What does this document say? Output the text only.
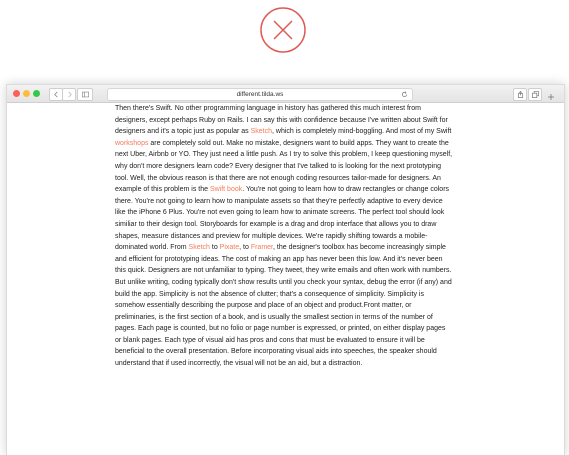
different.tilda.ws

Then there's Swift. No other programming language in history has gathered this much interest from designers, except perhaps Ruby on Rails. I can say this with confidence because I've written about Swift for designers and it's a topic just as popular as Sketch, which is completely mind-boggling. And most of my Swift workshops are completely sold out. Make no mistake, designers want to build apps. They want to create the next Uber, Airbnb or YO. They just need a little push. As I try to solve this problem, I keep questioning myself, why don't more designers learn code? Every designer that I've talked to is looking for the next prototyping tool. Well, the obvious reason is that there are not enough coding resources tailor-made for designers. An example of this problem is the Swift book. You're not going to learn how to draw rectangles or change colors there. You're not going to learn how to manipulate assets so that they're perfectly adaptive to every device like the iPhone 6 Plus. You're not even going to learn how to animate screens. The perfect tool should look similiar to their design tool. Storyboards for example is a drag and drop interface that allows you to draw shapes, measure distances and preview for multiple devices. We're rapidly shifting towards a mobile-dominated world. From Sketch to Pixate, to Framer, the designer's toolbox has become increasingly simple and efficient for prototyping ideas. The cost of making an app has never been this low. And it's never been this quick. Designers are not unfamiliar to typing. They tweet, they write emails and often work with numbers. But unlike writing, coding typically don't show results until you check your syntax, debug the error (if any) and build the app. Simplicity is not the absence of clutter; that's a consequence of simplicity. Simplicity is somehow essentially describing the purpose and place of an object and product.Front matter, or preliminaries, is the first section of a book, and is usually the smallest section in terms of the number of pages. Each page is counted, but no folio or page number is expressed, or printed, on either display pages or blank pages. Each type of visual aid has pros and cons that must be evaluated to ensure it will be beneficial to the overall presentation. Before incorporating visual aids into speeches, the speaker should understand that if used incorrectly, the visual will not be an aid, but a distraction.
